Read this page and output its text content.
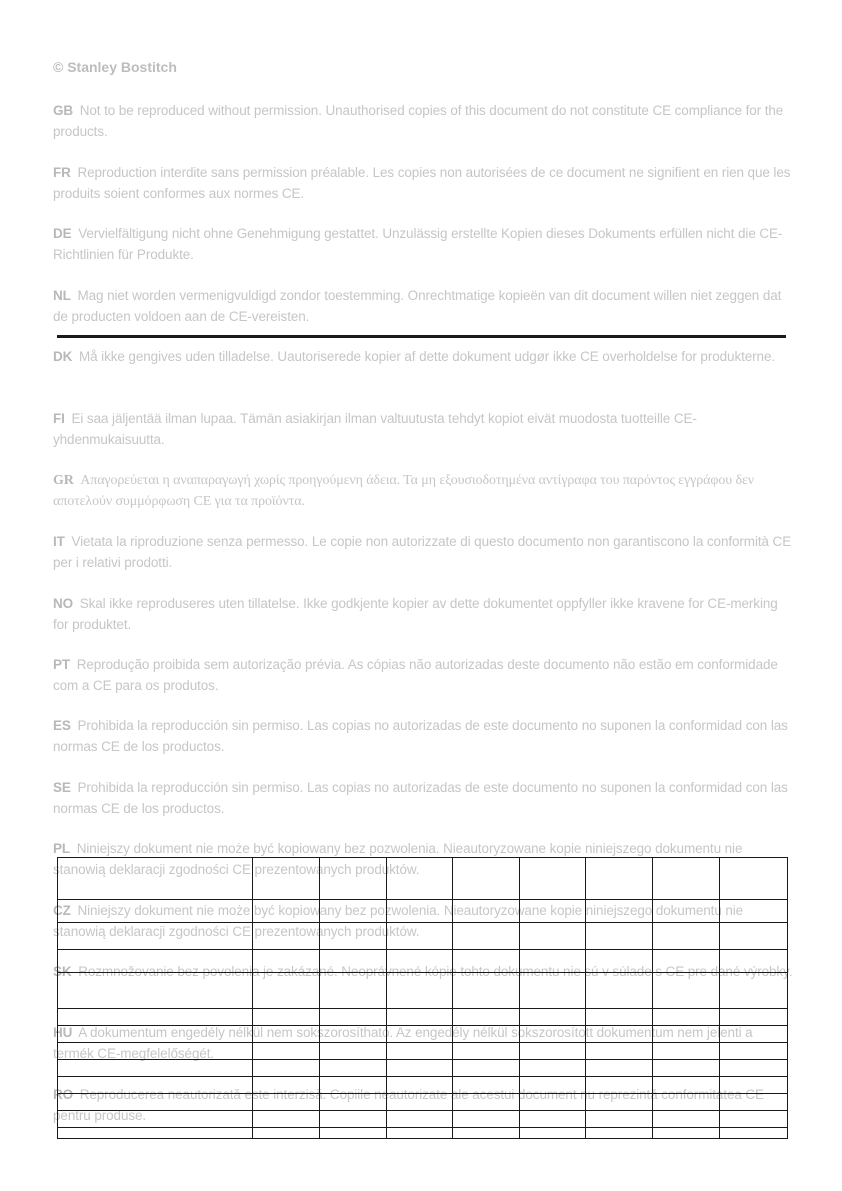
© Stanley Bostitch
GB Not to be reproduced without permission. Unauthorised copies of this document do not constitute CE compliance for the products.
FR Reproduction interdite sans permission préalable. Les copies non autorisées de ce document ne signifient en rien que les produits soient conformes aux normes CE.
DE Vervielfältigung nicht ohne Genehmigung gestattet. Unzulässig erstellte Kopien dieses Dokuments erfüllen nicht die CE-Richtlinien für Produkte.
NL Mag niet worden vermenigvuldigd zondor toestemming. Onrechtmatige kopieën van dit document willen niet zeggen dat de producten voldoen aan de CE-vereisten.
DK Må ikke gengives uden tilladelse. Uautoriserede kopier af dette dokument udgør ikke CE overholdelse for produkterne.
FI Ei saa jäljentää ilman lupaa. Tämän asiakirjan ilman valtuutusta tehdyt kopiot eivät muodosta tuotteille CE-yhdenmukaisuutta.
GR Απαγορεύεται η αναπαραγωγή χωρίς προηγούμενη άδεια. Τα μη εξουσιοδοτημένα αντίγραφα του παρόντος εγγράφου δεν αποτελούν συμμόρφωση CE για τα προϊόντα.
IT Vietata la riproduzione senza permesso. Le copie non autorizzate di questo documento non garantiscono la conformità CE per i relativi prodotti.
NO Skal ikke reproduseres uten tillatelse. Ikke godkjente kopier av dette dokumentet oppfyller ikke kravene for CE-merking for produktet.
PT Reprodução proibida sem autorização prévia. As cópias não autorizadas deste documento não estão em conformidade com a CE para os produtos.
ES Prohibida la reproducción sin permiso. Las copias no autorizadas de este documento no suponen la conformidad con las normas CE de los productos.
SE Prohibida la reproducción sin permiso. Las copias no autorizadas de este documento no suponen la conformidad con las normas CE de los productos.
PL Niniejszy dokument nie może być kopiowany bez pozwolenia. Nieautoryzowane kopie niniejszego dokumentu nie stanowią deklaracji zgodności CE prezentowanych produktów.
CZ Niniejszy dokument nie może być kopiowany bez pozwolenia. Nieautoryzowane kopie niniejszego dokumentu nie stanowią deklaracji zgodności CE prezentowanych produktów.
SK Rozmnožovanie bez povolenia je zakázané. Neoprávnené kópie tohto dokumentu nie sú v súlade s CE pre dané výrobky.
HU A dokumentum engedély nélkül nem sokszorosítható. Az engedély nélkül sokszorosított dokumentum nem jelenti a termék CE-megfelelőségét.
RO Reproducerea neautorizată este interzisă. Copiile neautorizate ale acestui document nu reprezintă conformitatea CE pentru produse.
